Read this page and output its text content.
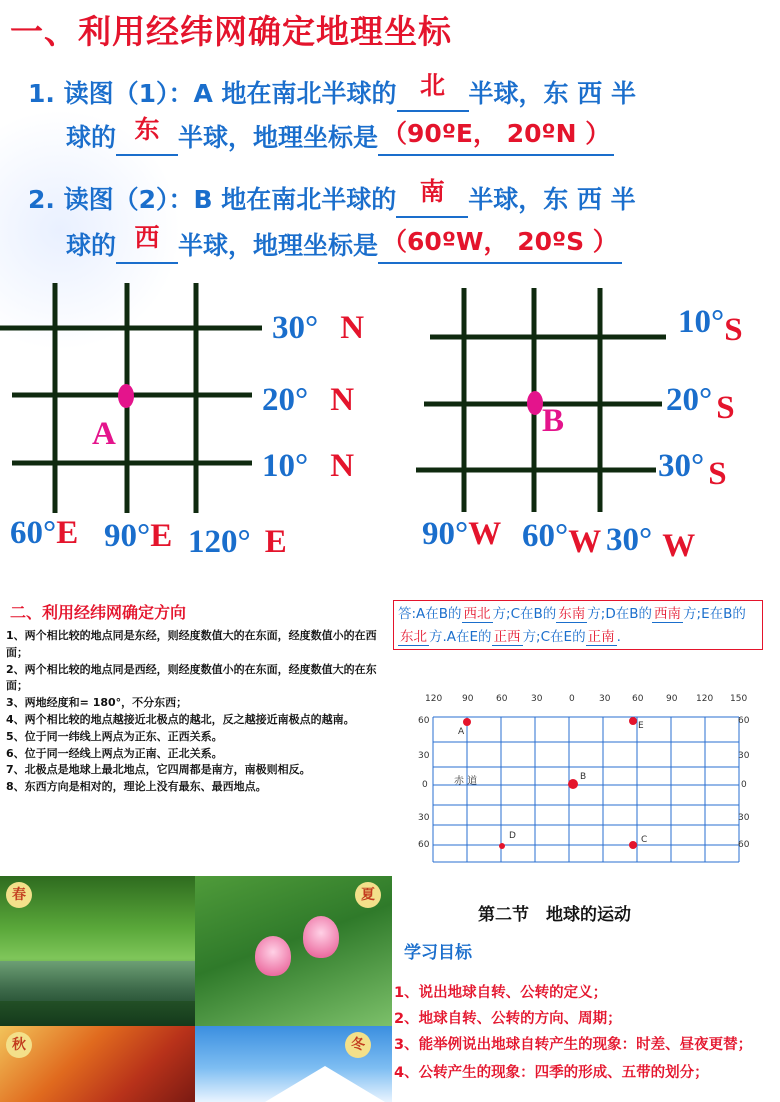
一、利用经纬网确定地理坐标
1. 读图（1）：A 地在南北半球的 北 半球，东 西 半
球的 东 半球，地理坐标是 （90ºE， 20ºN ）
2. 读图（2）：B 地在南北半球的 南 半球，东 西 半
球的 西 半球，地理坐标是 （60ºW， 20ºS ）
A
30° N
20° N
10° N
60°E 90°E 120° E
B
10°S
20° S
30° S
90°W 60°W 30° W
二、利用经纬网确定方向
1、两个相比较的地点同是东经，则经度数值大的在东面，经度数值小的在西面；
2、两个相比较的地点同是西经，则经度数值小的在东面，经度数值大的在东面；
3、两地经度和= 180°，不分东西；
4、两个相比较的地点越接近北极点的越北，反之越接近南极点的越南。
5、位于同一纬线上两点为正东、正西关系。
6、位于同一经线上两点为正南、正北关系。
7、北极点是地球上最北地点，它四周都是南方，南极则相反。
8、东西方向是相对的，理论上没有最东、最西地点。
答:A在B的 西北 方;C在B的 东南 方;D在B的 西南 方;E在B的东北 方.A在E的 正西 方;C在E的 正南 .
120 90	60	30	0	30 60	90 120 150
60
30
0
30
60
60
30
0
30
60
赤 道
A
B
C
D
E
春	夏
秋	冬
第二节　地球的运动
学习目标
1、说出地球自转、公转的定义；
2、地球自转、公转的方向、周期；
3、能举例说出地球自转产生的现象：时差、昼夜更替；
4、公转产生的现象：四季的形成、五带的划分；
